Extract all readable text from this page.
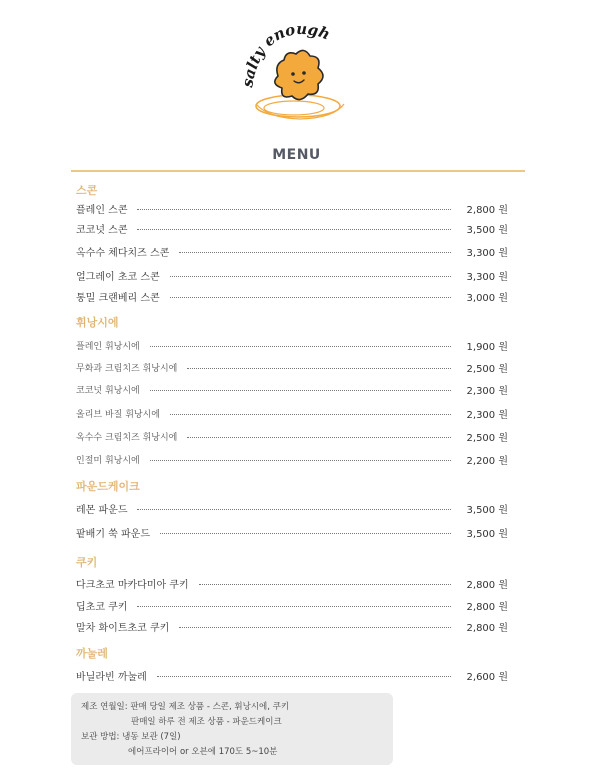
salty enough
MENU
스콘
플레인 스콘	2,800 원
코코넛 스콘	3,500 원
옥수수 체다치즈 스콘	3,300 원
얼그레이 초코 스콘	3,300 원
통밀 크랜베리 스콘	3,000 원
휘낭시에
플레인 휘낭시에	1,900 원
무화과 크림치즈 휘낭시에	2,500 원
코코넛 휘낭시에	2,300 원
올리브 바질 휘낭시에	2,300 원
옥수수 크림치즈 휘낭시에	2,500 원
인절미 휘낭시에	2,200 원
파운드케이크
레몬 파운드	3,500 원
팥배기 쑥 파운드	3,500 원
쿠키
다크초코 마카다미아 쿠키	2,800 원
딥초코 쿠키	2,800 원
말차 화이트초코 쿠키	2,800 원
까눌레
바닐라빈 까눌레	2,600 원
제조 연월일: 판매 당일 제조 상품 - 스콘, 휘낭시에, 쿠키
판매일 하루 전 제조 상품 - 파운드케이크
보관 방법: 냉동 보관 (7일)
에어프라이어 or 오븐에 170도 5~10분
